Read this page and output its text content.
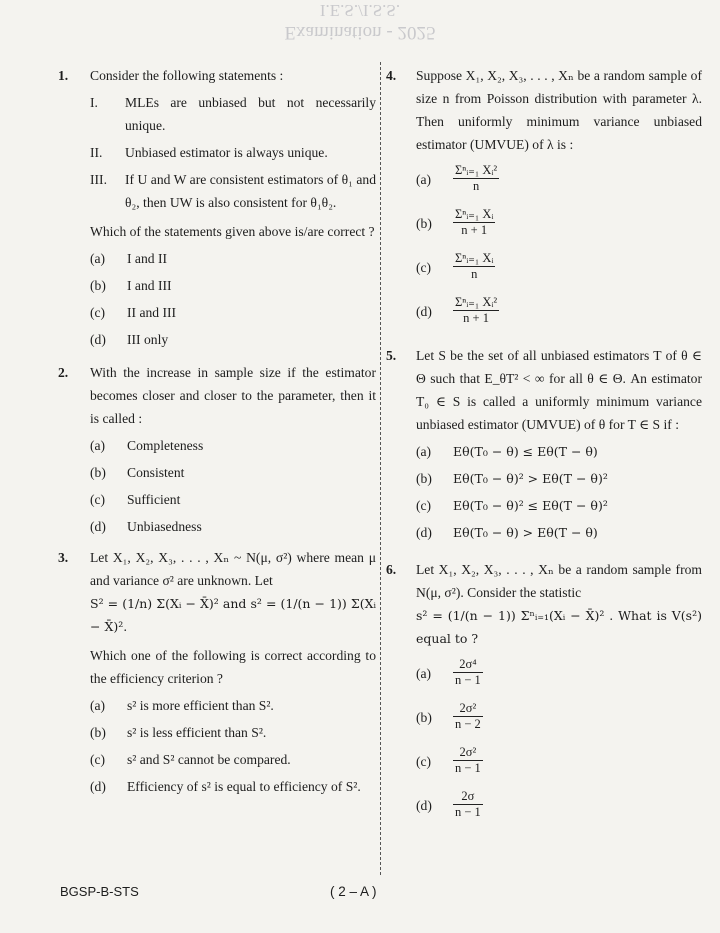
I.E.S./I.S.S.
Examination - 2025
1. Consider the following statements :

I. MLEs are unbiased but not necessarily unique.
II. Unbiased estimator is always unique.
III. If U and W are consistent estimators of θ₁ and θ₂, then UW is also consistent for θ₁θ₂.

Which of the statements given above is/are correct ?

(a) I and II
(b) I and III
(c) II and III
(d) III only
2. With the increase in sample size if the estimator becomes closer and closer to the parameter, then it is called :

(a) Completeness
(b) Consistent
(c) Sufficient
(d) Unbiasedness
3. Let X₁, X₂, X₃, . . . , Xₙ ~ N(μ, σ²) where mean μ and variance σ² are unknown. Let

S² = (1/n) Σ(Xᵢ − X̄)² and s² = (1/(n − 1)) Σ(Xᵢ − X̄)².

Which one of the following is correct according to the efficiency criterion ?

(a) s² is more efficient than S².
(b) s² is less efficient than S².
(c) s² and S² cannot be compared.
(d) Efficiency of s² is equal to efficiency of S².
4. Suppose X₁, X₂, X₃, . . . , Xₙ be a random sample of size n from Poisson distribution with parameter λ. Then uniformly minimum variance unbiased estimator (UMVUE) of λ is :

$(a) \frac{\text{Σⁿᵢ₌₁ Xᵢ²}}{n}$
$(b) \frac{\text{Σⁿᵢ₌₁ Xᵢ}}{n + 1}$
$(c) \frac{\text{Σⁿᵢ₌₁ Xᵢ}}{n}$
$(d) \frac{\text{Σⁿᵢ₌₁ Xᵢ²}}{n + 1}$
5. Let S be the set of all unbiased estimators T of θ ∈ Θ such that E_θT² < ∞ for all θ ∈ Θ. An estimator T₀ ∈ S is called a uniformly minimum variance unbiased estimator (UMVUE) of θ for T ∈ S if :

(a) Eθ(T₀ − θ) ≤ Eθ(T − θ)
(b) Eθ(T₀ − θ)² > Eθ(T − θ)²
(c) Eθ(T₀ − θ)² ≤ Eθ(T − θ)²
(d) Eθ(T₀ − θ) > Eθ(T − θ)
6. Let X₁, X₂, X₃, . . . , Xₙ be a random sample from N(μ, σ²). Consider the statistic

s² = (1/(n − 1)) Σⁿᵢ₌₁(Xᵢ − X̄)² . What is V(s²) equal to ?

$(a) \frac{\text{2σ⁴}}{n - 1}$
$(b) \frac{\text{2σ²}}{n - 2}$
$(c) \frac{\text{2σ²}}{n - 1}$
$(d) \frac{2\sigma}{n - 1}$
BGSP-B-STS	( 2 – A )
